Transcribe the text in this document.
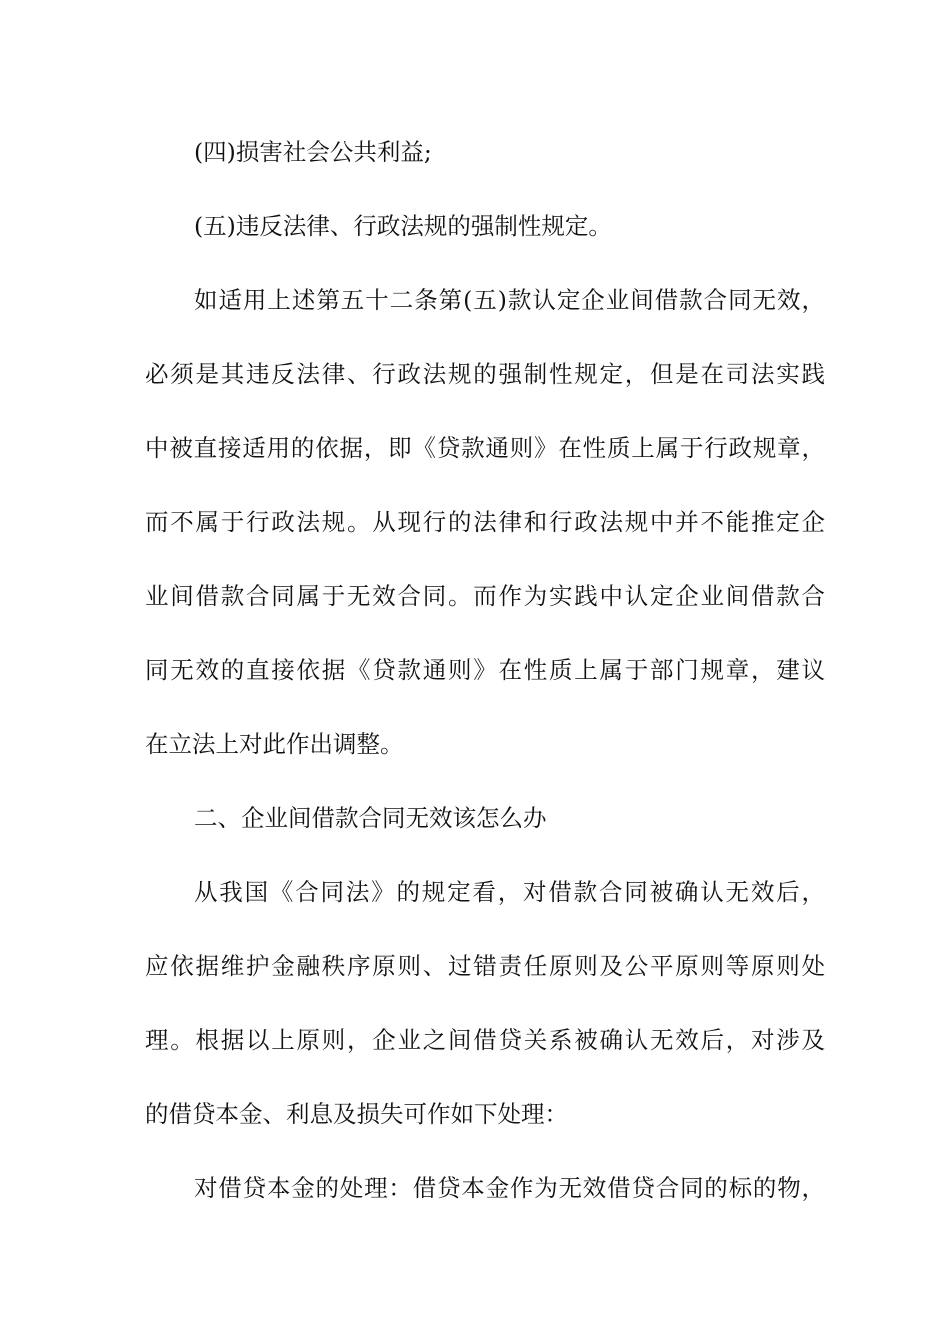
(四)损害社会公共利益;

(五)违反法律、行政法规的强制性规定。

如适用上述第五十二条第(五)款认定企业间借款合同无效，

必须是其违反法律、行政法规的强制性规定，但是在司法实践

中被直接适用的依据，即《贷款通则》在性质上属于行政规章，

而不属于行政法规。从现行的法律和行政法规中并不能推定企

业间借款合同属于无效合同。而作为实践中认定企业间借款合

同无效的直接依据《贷款通则》在性质上属于部门规章，建议

在立法上对此作出调整。

二、企业间借款合同无效该怎么办

从我国《合同法》的规定看，对借款合同被确认无效后，

应依据维护金融秩序原则、过错责任原则及公平原则等原则处

理。根据以上原则，企业之间借贷关系被确认无效后，对涉及

的借贷本金、利息及损失可作如下处理：

对借贷本金的处理：借贷本金作为无效借贷合同的标的物，
